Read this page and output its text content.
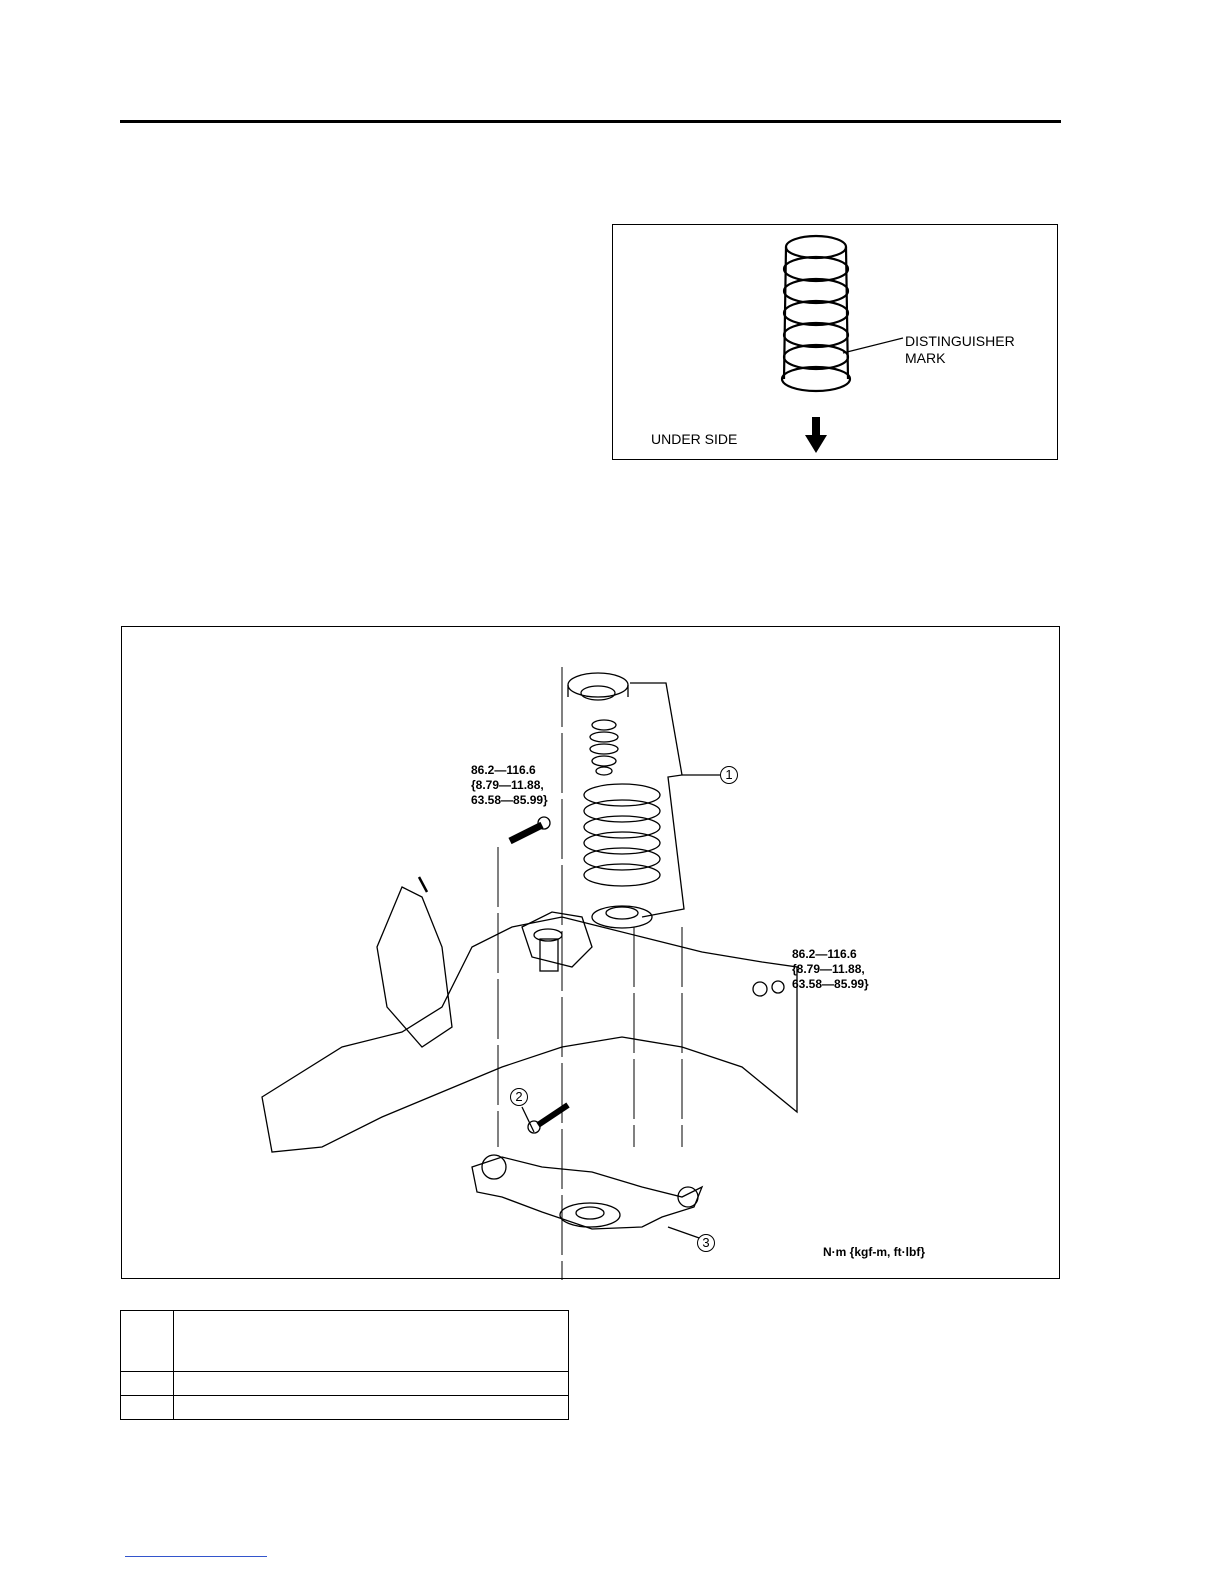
DISTINGUISHER
MARK
UNDER SIDE
86.2—116.6
{8.79—11.88,
63.58—85.99}
86.2—116.6
{8.79—11.88,
63.58—85.99}
1
2
3
N·m {kgf-m, ft·lbf}
